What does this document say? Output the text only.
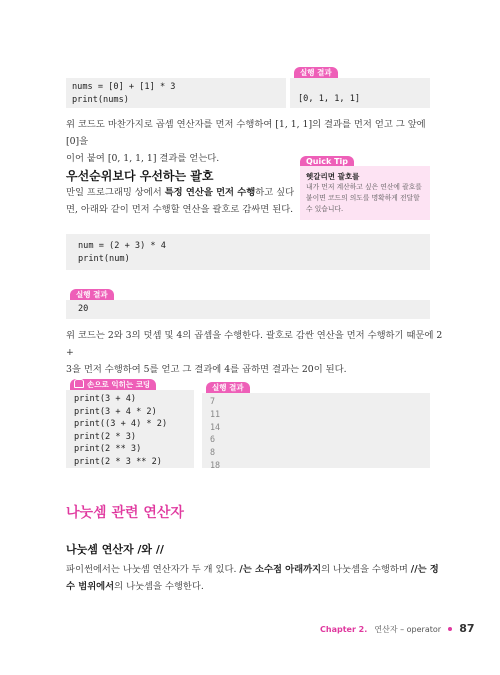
nums = [0] + [1] * 3
print(nums)
실행 결과
[0, 1, 1, 1]
위 코드도 마찬가지로 곱셈 연산자를 먼저 수행하여 [1, 1, 1]의 결과를 먼저 얻고 그 앞에 [0]을
이어 붙여 [0, 1, 1, 1] 결과를 얻는다.
우선순위보다 우선하는 괄호
만일 프로그래밍 상에서 특정 연산을 먼저 수행하고 싶다
면, 아래와 같이 먼저 수행할 연산을 괄호로 감싸면 된다.
Quick Tip
헷갈리면 괄호를
내가 먼저 계산하고 싶은 연산에 괄호를
붙이면 코드의 의도를 명확하게 전달할
수 있습니다.
num = (2 + 3) * 4
print(num)
실행 결과
20
위 코드는 2와 3의 덧셈 및 4의 곱셈을 수행한다. 괄호로 감싼 연산을 먼저 수행하기 때문에 2 +
3을 먼저 수행하여 5를 얻고 그 결과에 4를 곱하면 결과는 20이 된다.
손으로 익히는 코딩
print(3 + 4)
print(3 + 4 * 2)
print((3 + 4) * 2)
print(2 * 3)
print(2 ** 3)
print(2 * 3 ** 2)
실행 결과
7
11
14
6
8
18
나눗셈 관련 연산자
나눗셈 연산자 /와 //
파이썬에서는 나눗셈 연산자가 두 개 있다. /는 소수점 아래까지의 나눗셈을 수행하며 //는 정
수 범위에서의 나눗셈을 수행한다.
Chapter 2. 연산자 – operator 87
